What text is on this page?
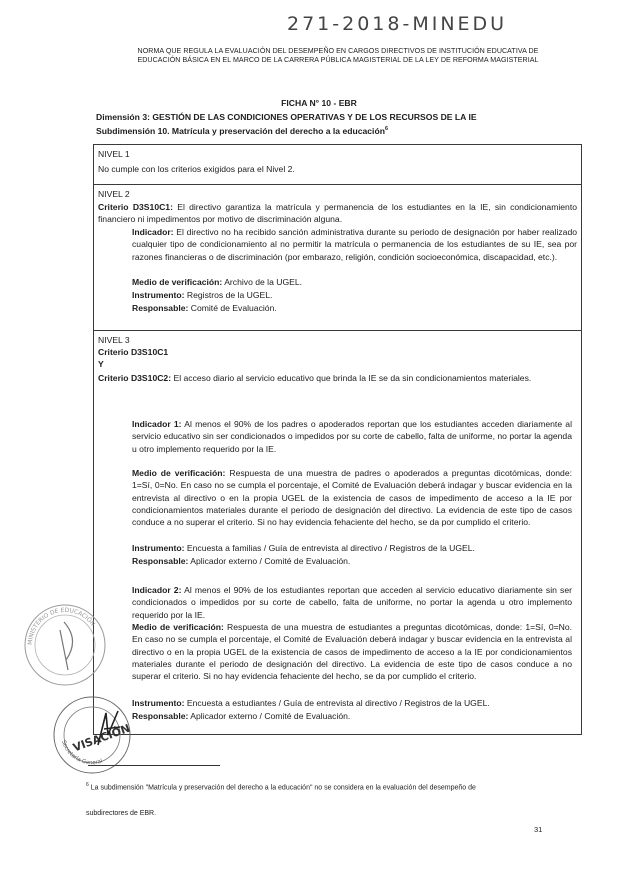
271-2018-MINEDU
NORMA QUE REGULA LA EVALUACIÓN DEL DESEMPEÑO EN CARGOS DIRECTIVOS DE INSTITUCIÓN EDUCATIVA DE
EDUCACIÓN BÁSICA EN EL MARCO DE LA CARRERA PÚBLICA MAGISTERIAL DE LA LEY DE REFORMA MAGISTERIAL
FICHA N° 10 - EBR
Dimensión 3: GESTIÓN DE LAS CONDICIONES OPERATIVAS Y DE LOS RECURSOS DE LA IE
Subdimensión 10. Matrícula y preservación del derecho a la educación$^6$
NIVEL 1
No cumple con los criterios exigidos para el Nivel 2.
NIVEL 2
Criterio D3S10C1: El directivo garantiza la matrícula y permanencia de los estudiantes en la IE, sin condicionamiento financiero ni impedimentos por motivo de discriminación alguna.
Indicador: El directivo no ha recibido sanción administrativa durante su periodo de designación por haber realizado cualquier tipo de condicionamiento al no permitir la matrícula o permanencia de los estudiantes de su IE, sea por razones financieras o de discriminación (por embarazo, religión, condición socioeconómica, discapacidad, etc.).
Medio de verificación: Archivo de la UGEL.
Instrumento: Registros de la UGEL.
Responsable: Comité de Evaluación.
NIVEL 3
Criterio D3S10C1
Y
Criterio D3S10C2: El acceso diario al servicio educativo que brinda la IE se da sin condicionamientos materiales.
Indicador 1: Al menos el 90% de los padres o apoderados reportan que los estudiantes acceden diariamente al servicio educativo sin ser condicionados o impedidos por su corte de cabello, falta de uniforme, no portar la agenda u otro implemento requerido por la IE.
Medio de verificación: Respuesta de una muestra de padres o apoderados a preguntas dicotómicas, donde: 1=Sí, 0=No. En caso no se cumpla el porcentaje, el Comité de Evaluación deberá indagar y buscar evidencia en la entrevista al directivo o en la propia UGEL de la existencia de casos de impedimento de acceso a la IE por condicionamientos materiales durante el periodo de designación del directivo. La evidencia de este tipo de casos conduce a no superar el criterio. Si no hay evidencia fehaciente del hecho, se da por cumplido el criterio.
Instrumento: Encuesta a familias / Guía de entrevista al directivo / Registros de la UGEL.
Responsable: Aplicador externo / Comité de Evaluación.
Indicador 2: Al menos el 90% de los estudiantes reportan que acceden al servicio educativo diariamente sin ser condicionados o impedidos por su corte de cabello, falta de uniforme, no portar la agenda u otro implemento requerido por la IE.
Medio de verificación: Respuesta de una muestra de estudiantes a preguntas dicotómicas, donde: 1=Sí, 0=No. En caso no se cumpla el porcentaje, el Comité de Evaluación deberá indagar y buscar evidencia en la entrevista al directivo o en la propia UGEL de la existencia de casos de impedimento de acceso a la IE por condicionamientos materiales durante el periodo de designación del directivo. La evidencia de este tipo de casos conduce a no superar el criterio. Si no hay evidencia fehaciente del hecho, se da por cumplido el criterio.
Instrumento: Encuesta a estudiantes / Guía de entrevista al directivo / Registros de la UGEL.
Responsable: Aplicador externo / Comité de Evaluación.
MINISTERIO DE EDUCACIÓN
Secretaría General
VISACIÓN
$^6$ La subdimensión "Matrícula y preservación del derecho a la educación" no se considera en la evaluación del desempeño de
subdirectores de EBR.
31
